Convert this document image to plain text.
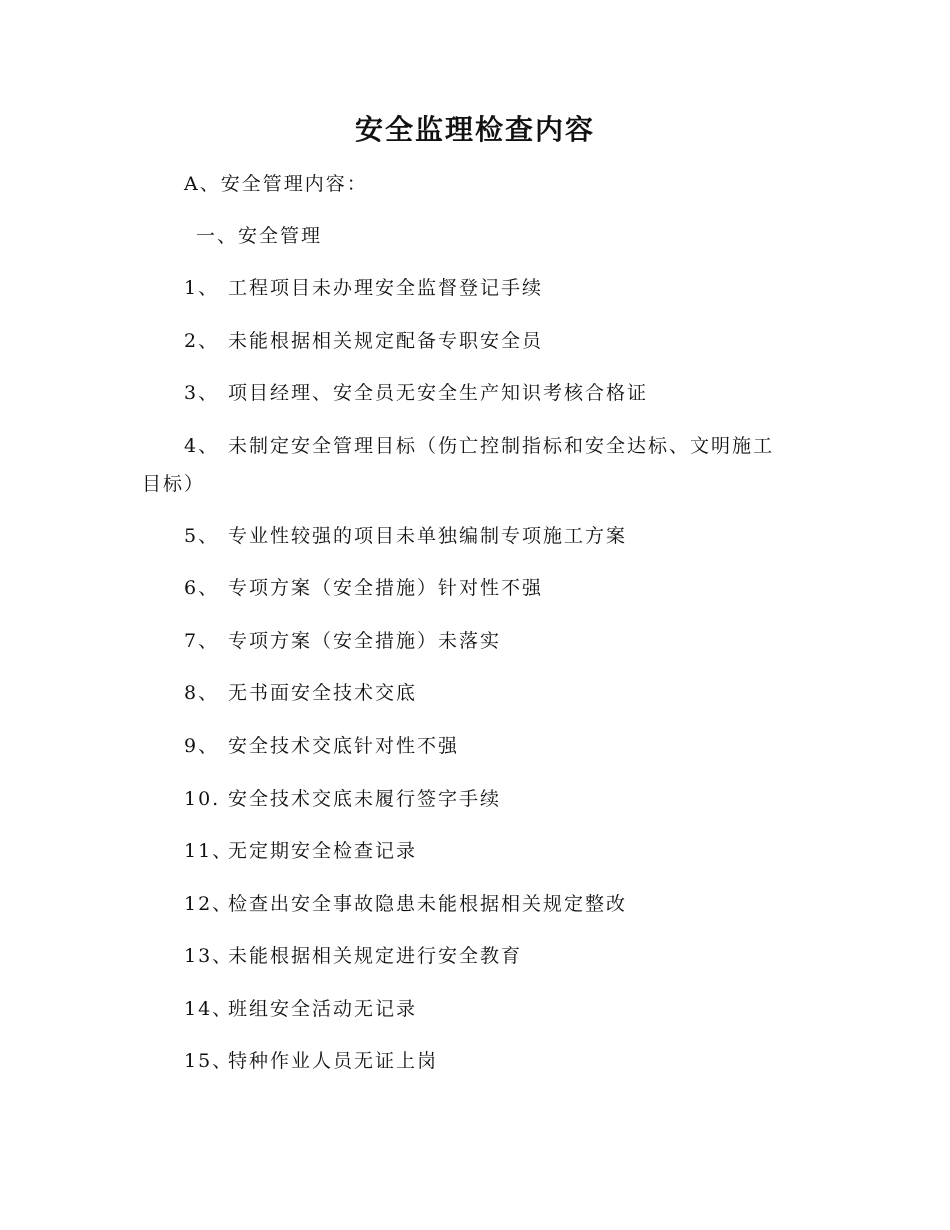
安全监理检查内容
A、安全管理内容：
一、安全管理
1、 工程项目未办理安全监督登记手续
2、 未能根据相关规定配备专职安全员
3、 项目经理、安全员无安全生产知识考核合格证
4、 未制定安全管理目标（伤亡控制指标和安全达标、文明施工
目标）
5、 专业性较强的项目未单独编制专项施工方案
6、 专项方案（安全措施）针对性不强
7、 专项方案（安全措施）未落实
8、 无书面安全技术交底
9、 安全技术交底针对性不强
10. 安全技术交底未履行签字手续
11、无定期安全检查记录
12、检查出安全事故隐患未能根据相关规定整改
13、未能根据相关规定进行安全教育
14、班组安全活动无记录
15、特种作业人员无证上岗
